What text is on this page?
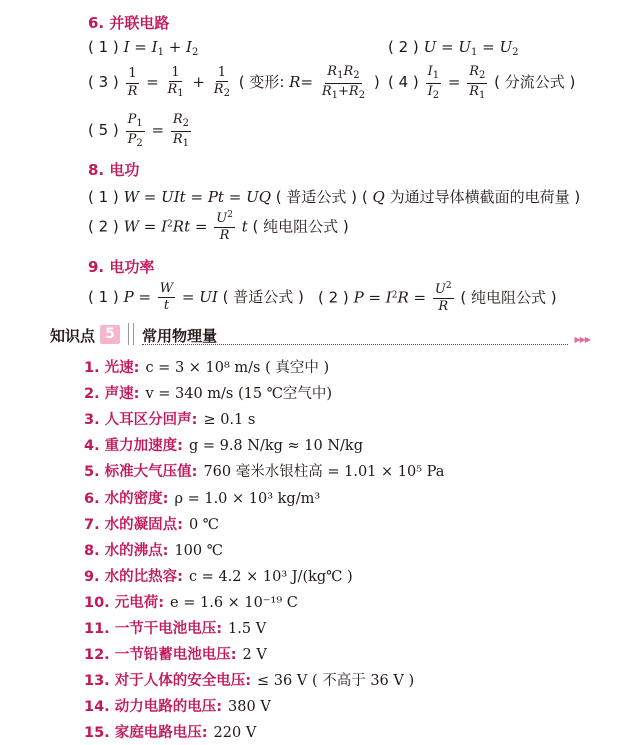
6. 并联电路
( 1 ) $I = I_1 + I_2$	( 2 ) $U = U_1 = U_2$
( 3 ) $\frac{1}{R} = \frac{1}{R_1} + \frac{1}{R_2}$ ( 变形: $R= \frac{R_1R_2}{R_1+R_2}$ ) ( 4 ) $\frac{I_1}{I_2} = \frac{R_2}{R_1}$ ( 分流公式 )
( 5 ) $\frac{P_1}{P_2} = \frac{R_2}{R_1}$
8. 电功
( 1 ) W = UIt = Pt = UQ ( 普适公式 ) ( Q 为通过导体横截面的电荷量 )
( 2 ) $W = I^2Rt = \frac{U^2}{R}$ t ( 纯电阻公式 )
9. 电功率
( 1 ) $P = \frac{W}{t}$ = UI ( 普适公式 ) ( 2 ) $P = I^2R = \frac{U^2}{R}$ ( 纯电阻公式 )
知识点 5	常用物理量	▶▶▶
1. 光速: c = 3 × 10⁸ m/s ( 真空中 )
2. 声速: v = 340 m/s (15 ℃空气中)
3. 人耳区分回声: ≥ 0.1 s
4. 重力加速度: g = 9.8 N/kg ≈ 10 N/kg
5. 标准大气压值: 760 毫米水银柱高 = 1.01 × 10⁵ Pa
6. 水的密度: ρ = 1.0 × 10³ kg/m³
7. 水的凝固点: 0 ℃
8. 水的沸点: 100 ℃
9. 水的比热容: c = 4.2 × 10³ J/(kg℃ )
10. 元电荷: e = 1.6 × 10⁻¹⁹ C
11. 一节干电池电压: 1.5 V
12. 一节铅蓄电池电压: 2 V
13. 对于人体的安全电压: ≤ 36 V ( 不高于 36 V )
14. 动力电路的电压: 380 V
15. 家庭电路电压: 220 V
